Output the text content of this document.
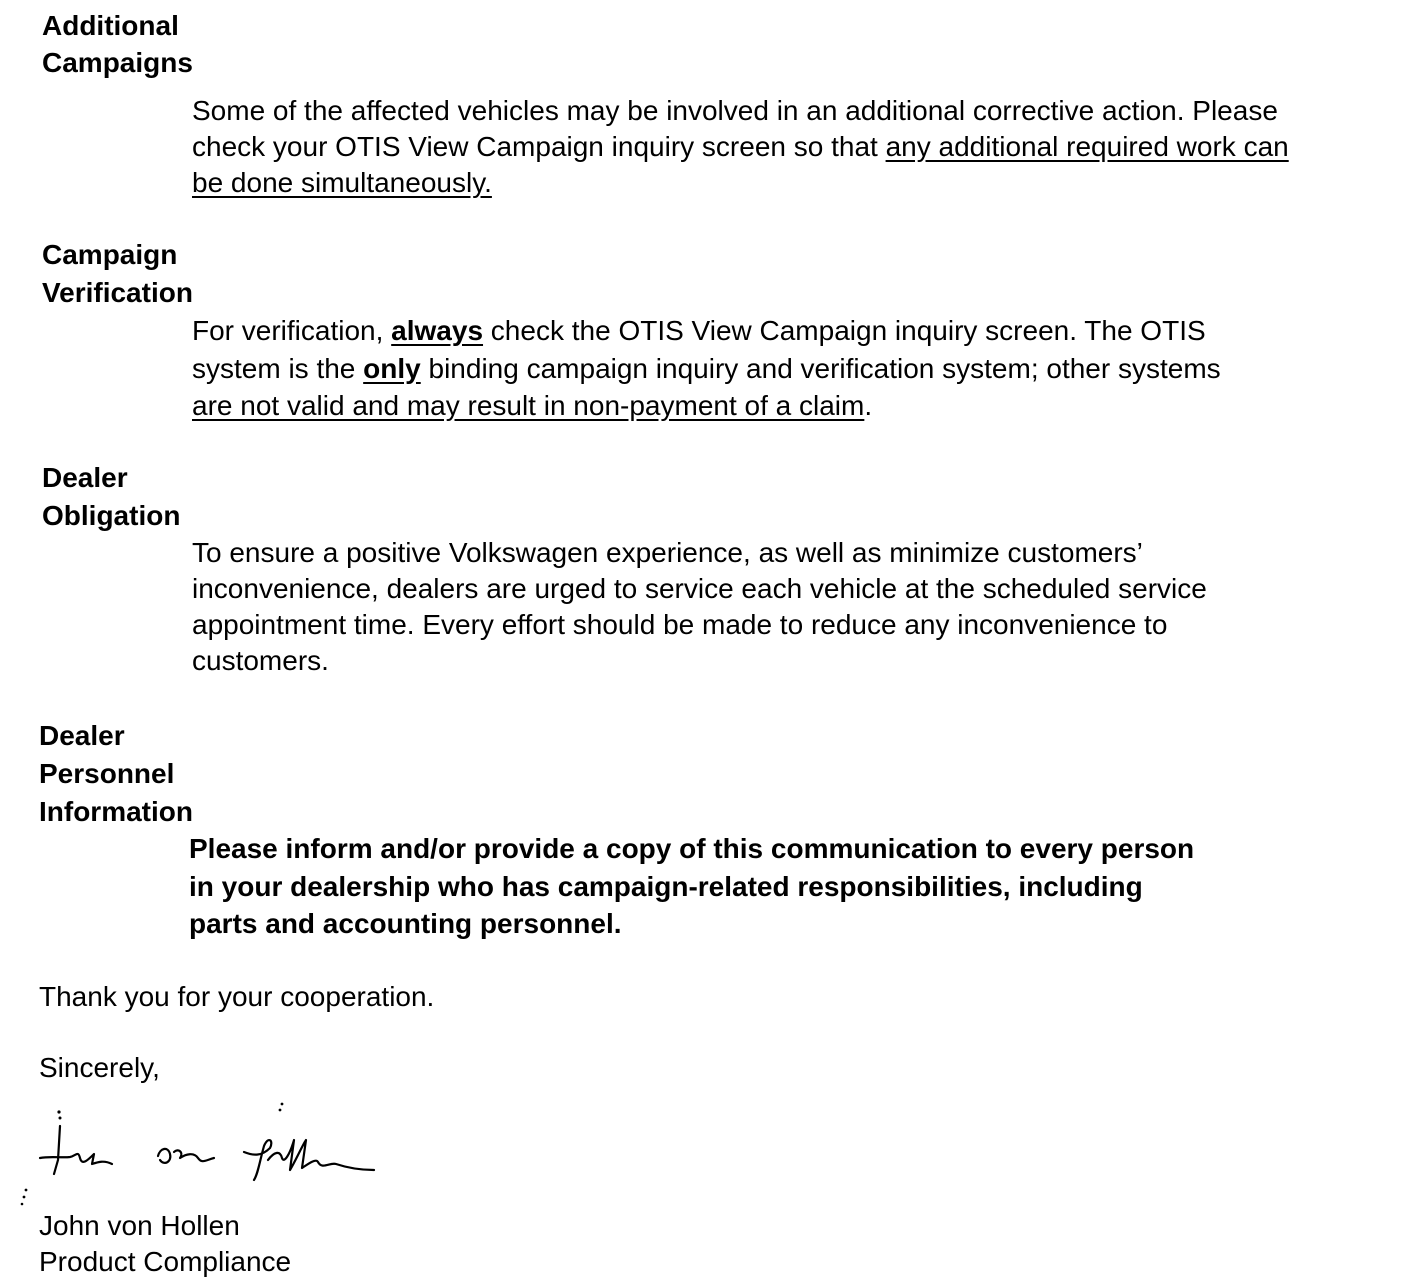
Additional
Campaigns
Some of the affected vehicles may be involved in an additional corrective action. Please
check your OTIS View Campaign inquiry screen so that any additional required work can
be done simultaneously.
Campaign
Verification
For verification, always check the OTIS View Campaign inquiry screen. The OTIS
system is the only binding campaign inquiry and verification system; other systems
are not valid and may result in non-payment of a claim.
Dealer
Obligation
To ensure a positive Volkswagen experience, as well as minimize customers’
inconvenience, dealers are urged to service each vehicle at the scheduled service
appointment time. Every effort should be made to reduce any inconvenience to
customers.
Dealer
Personnel
Information
Please inform and/or provide a copy of this communication to every person
in your dealership who has campaign-related responsibilities, including
parts and accounting personnel.

Thank you for your cooperation.

Sincerely,

John von Hollen

Product Compliance
